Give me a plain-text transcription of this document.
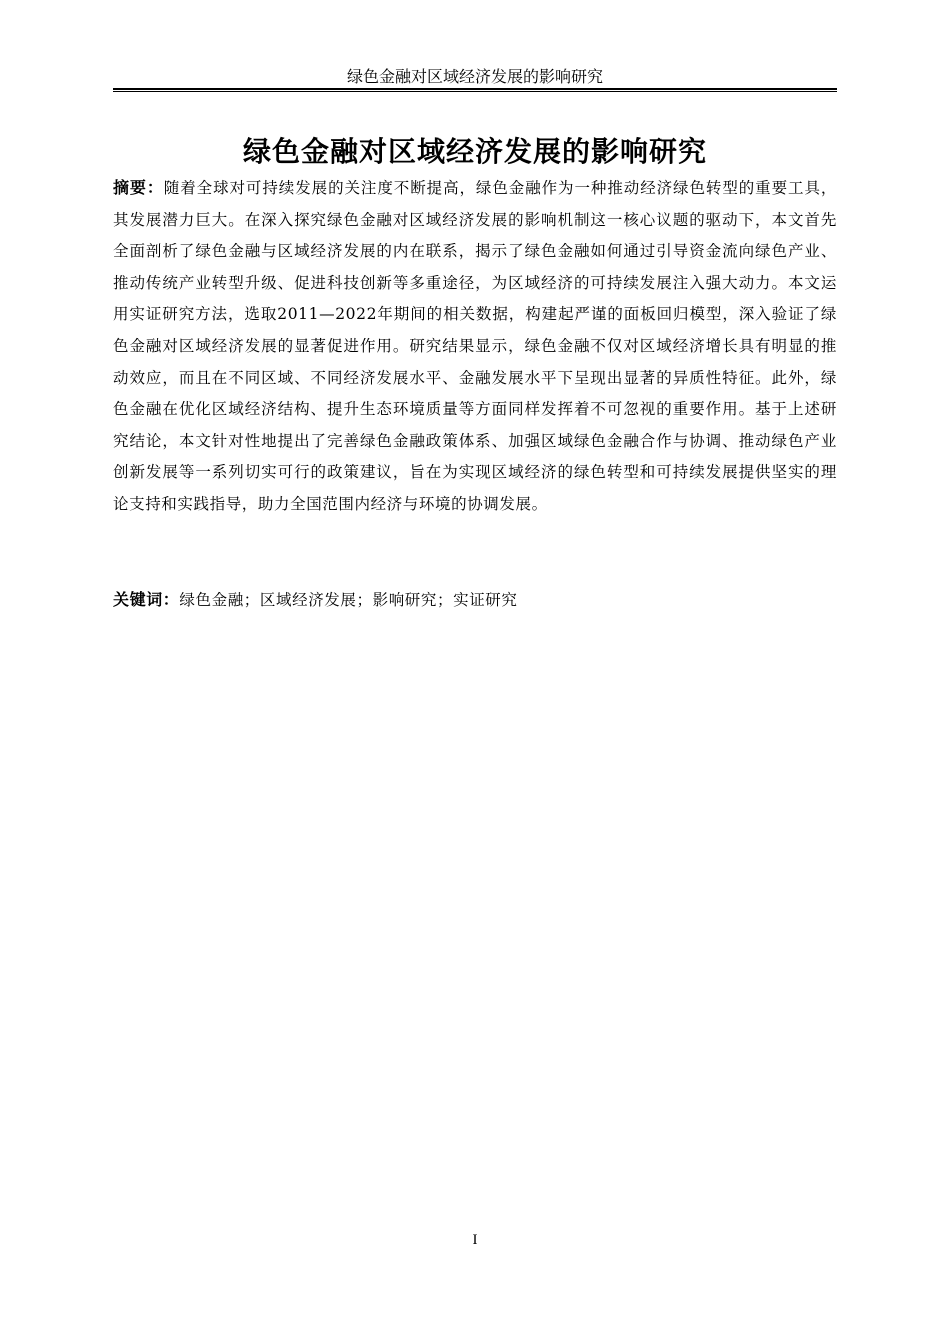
绿色金融对区域经济发展的影响研究
绿色金融对区域经济发展的影响研究
摘要：随着全球对可持续发展的关注度不断提高，绿色金融作为一种推动经济绿色转型的重要工具，其发展潜力巨大。在深入探究绿色金融对区域经济发展的影响机制这一核心议题的驱动下，本文首先全面剖析了绿色金融与区域经济发展的内在联系，揭示了绿色金融如何通过引导资金流向绿色产业、推动传统产业转型升级、促进科技创新等多重途径，为区域经济的可持续发展注入强大动力。本文运用实证研究方法，选取2011—2022年期间的相关数据，构建起严谨的面板回归模型，深入验证了绿色金融对区域经济发展的显著促进作用。研究结果显示，绿色金融不仅对区域经济增长具有明显的推动效应，而且在不同区域、不同经济发展水平、金融发展水平下呈现出显著的异质性特征。此外，绿色金融在优化区域经济结构、提升生态环境质量等方面同样发挥着不可忽视的重要作用。基于上述研究结论，本文针对性地提出了完善绿色金融政策体系、加强区域绿色金融合作与协调、推动绿色产业创新发展等一系列切实可行的政策建议，旨在为实现区域经济的绿色转型和可持续发展提供坚实的理论支持和实践指导，助力全国范围内经济与环境的协调发展。
关键词：绿色金融；区域经济发展；影响研究；实证研究
I
